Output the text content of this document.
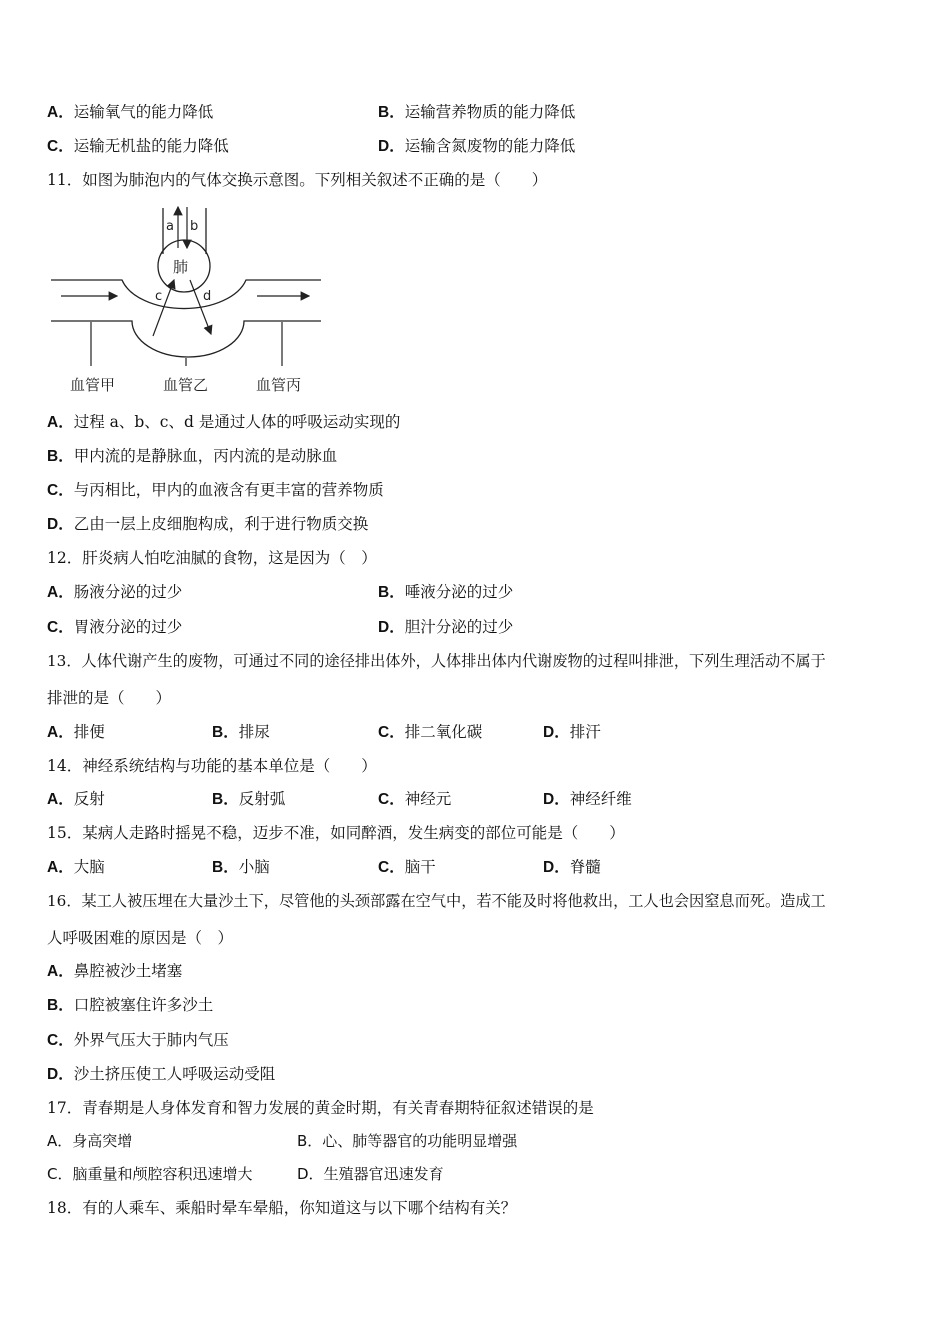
A．运输氧气的能力降低	B．运输营养物质的能力降低
C．运输无机盐的能力降低	D．运输含氮废物的能力降低
11．如图为肺泡内的气体交换示意图。下列相关叙述不正确的是（　　）
a b
c	d
肺
血管甲	血管乙	血管丙
A．过程 a、b、c、d 是通过人体的呼吸运动实现的
B．甲内流的是静脉血，丙内流的是动脉血
C．与丙相比，甲内的血液含有更丰富的营养物质
D．乙由一层上皮细胞构成，利于进行物质交换
12．肝炎病人怕吃油腻的食物，这是因为（　）
A．肠液分泌的过少	B．唾液分泌的过少
C．胃液分泌的过少	D．胆汁分泌的过少
13．人体代谢产生的废物，可通过不同的途径排出体外，人体排出体内代谢废物的过程叫排泄，下列生理活动不属于
排泄的是（　　）
A．排便	B．排尿	C．排二氧化碳	D．排汗
14．神经系统结构与功能的基本单位是（　　）
A．反射	B．反射弧	C．神经元	D．神经纤维
15．某病人走路时摇晃不稳，迈步不准，如同醉酒，发生病变的部位可能是（　　）
A．大脑	B．小脑	C．脑干	D．脊髓
16．某工人被压埋在大量沙土下，尽管他的头颈部露在空气中，若不能及时将他救出，工人也会因窒息而死。造成工
人呼吸困难的原因是（　）
A．鼻腔被沙土堵塞
B．口腔被塞住许多沙土
C．外界气压大于肺内气压
D．沙土挤压使工人呼吸运动受阻
17．青春期是人身体发育和智力发展的黄金时期，有关青春期特征叙述错误的是
A．身高突增	B．心、肺等器官的功能明显增强
C．脑重量和颅腔容积迅速增大	D．生殖器官迅速发育
18．有的人乘车、乘船时晕车晕船，你知道这与以下哪个结构有关？
